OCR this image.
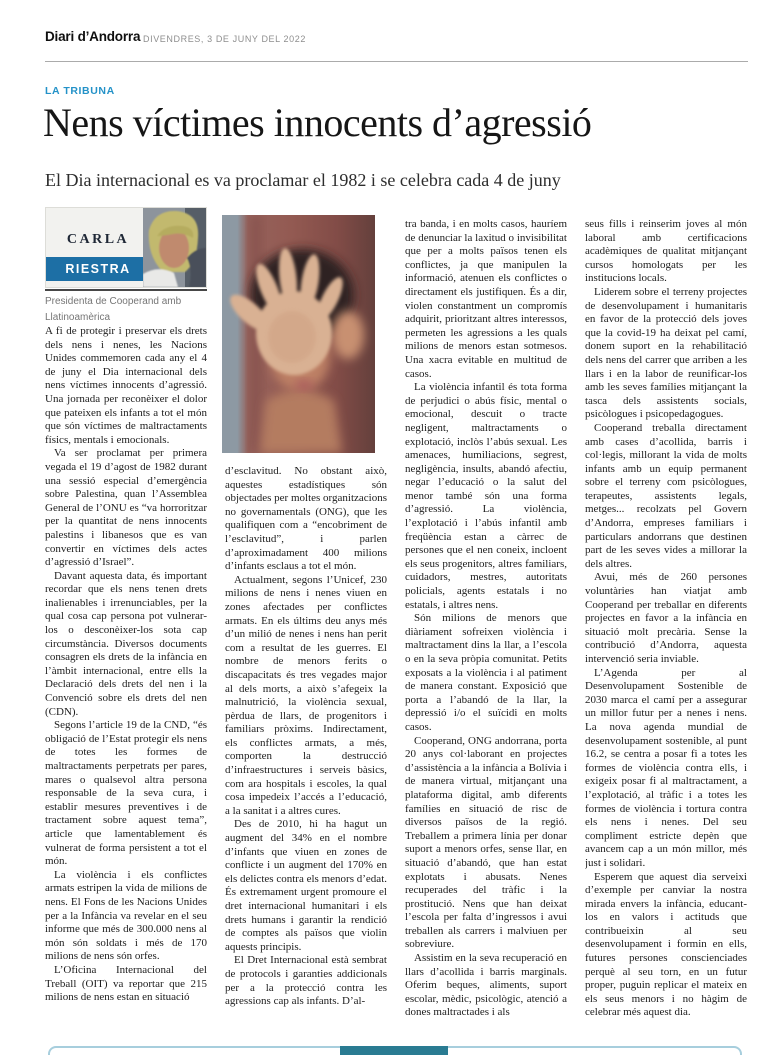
Diari d’Andorra DIVENDRES, 3 DE JUNY DEL 2022
LA TRIBUNA
Nens víctimes innocents d’agressió
El Dia internacional es va proclamar el 1982 i se celebra cada 4 de juny
CARLA
RIESTRA
Presidenta de Cooperand amb Llatinoamèrica

A fi de protegir i preservar els drets dels nens i nenes, les Nacions Unides commemoren cada any el 4 de juny el Dia internacional dels nens víctimes innocents d’agressió. Una jornada per reconèixer el dolor que pateixen els infants a tot el món que són víctimes de maltractaments físics, mentals i emocionals.

Va ser proclamat per primera vegada el 19 d’agost de 1982 durant una sessió especial d’emergència sobre Palestina, quan l’Assemblea General de l’ONU es “va horroritzar per la quantitat de nens innocents palestins i libanesos que es van convertir en víctimes dels actes d’agressió d’Israel”.

Davant aquesta data, és important recordar que els nens tenen drets inalienables i irrenunciables, per la qual cosa cap persona pot vulnerar-los o desconèixer-los sota cap circumstància. Diversos documents consagren els drets de la infància en l’àmbit internacional, entre ells la Declaració dels drets del nen i la Convenció sobre els drets del nen (CDN).

Segons l’article 19 de la CND, “és obligació de l’Estat protegir els nens de totes les formes de maltractaments perpetrats per pares, mares o qualsevol altra persona responsable de la seva cura, i establir mesures preventives i de tractament sobre aquest tema”, article que lamentablement és vulnerat de forma persistent a tot el món.

La violència i els conflictes armats estripen la vida de milions de nens. El Fons de les Nacions Unides per a la Infància va revelar en el seu informe que més de 300.000 nens al món són soldats i més de 170 milions de nens són orfes.

L’Oficina Internacional del Treball (OIT) va reportar que 215 milions de nens estan en situació

d’esclavitud. No obstant això, aquestes estadístiques són objectades per moltes organitzacions no governamentals (ONG), que les qualifiquen com a “encobriment de l’esclavitud”, i parlen d’aproximadament 400 milions d’infants esclaus a tot el món.

Actualment, segons l’Unicef, 230 milions de nens i nenes viuen en zones afectades per conflictes armats. En els últims deu anys més d’un milió de nenes i nens han perit com a resultat de les guerres. El nombre de menors ferits o discapacitats és tres vegades major al dels morts, a això s’afegeix la malnutrició, la violència sexual, pèrdua de llars, de progenitors i familiars pròxims. Indirectament, els conflictes armats, a més, comporten la destrucció d’infraestructures i serveis bàsics, com ara hospitals i escoles, la qual cosa impedeix l’accés a l’educació, a la sanitat i a altres cures.

Des de 2010, hi ha hagut un augment del 34% en el nombre d’infants que viuen en zones de conflicte i un augment del 170% en els delictes contra els menors d’edat. És extremament urgent promoure el dret internacional humanitari i els drets humans i garantir la rendició de comptes als països que violin aquests principis.

El Dret Internacional està sembrat de protocols i garanties addicionals per a la protecció contra les agressions cap als infants. D’al-

tra banda, i en molts casos, hauríem de denunciar la laxitud o invisibilitat que per a molts països tenen els conflictes, ja que manipulen la informació, atenuen els conflictes o directament els justifiquen. És a dir, violen constantment un compromís adquirit, prioritzant altres interessos, permeten les agressions a les quals milions de menors estan sotmesos. Una xacra evitable en multitud de casos.

La violència infantil és tota forma de perjudici o abús físic, mental o emocional, descuit o tracte negligent, maltractaments o explotació, inclòs l’abús sexual. Les amenaces, humiliacions, segrest, negligència, insults, abandó afectiu, negar l’educació o la salut del menor també són una forma d’agressió. La violència, l’explotació i l’abús infantil amb freqüència estan a càrrec de persones que el nen coneix, incloent els seus progenitors, altres familiars, cuidadors, mestres, autoritats policials, agents estatals i no estatals, i altres nens.

Són milions de menors que diàriament sofreixen violència i maltractament dins la llar, a l’escola o en la seva pròpia comunitat. Petits exposats a la violència i al patiment de manera constant. Exposició que porta a l’abandó de la llar, la depressió i/o el suïcidi en molts casos.

Cooperand, ONG andorrana, porta 20 anys col·laborant en projectes d’assistència a la infància a Bolívia i de manera virtual, mitjançant una plataforma digital, amb diferents famílies en situació de risc de diversos països de la regió. Treballem a primera línia per donar suport a menors orfes, sense llar, en situació d’abandó, que han estat explotats i abusats. Nenes recuperades del tràfic i la prostitució. Nens que han deixat l’escola per falta d’ingressos i avui treballen als carrers i malviuen per sobreviure.

Assistim en la seva recuperació en llars d’acollida i barris marginals. Oferim beques, aliments, suport escolar, mèdic, psicològic, atenció a dones maltractades i als

seus fills i reinserim joves al món laboral amb certificacions acadèmiques de qualitat mitjançant cursos homologats per les institucions locals.

Liderem sobre el terreny projectes de desenvolupament i humanitaris en favor de la protecció dels joves que la covid-19 ha deixat pel camí, donem suport en la rehabilitació dels nens del carrer que arriben a les llars i en la labor de reunificar-los amb les seves famílies mitjançant la tasca dels assistents socials, psicòlogues i psicopedagogues.

Cooperand treballa directament amb cases d’acollida, barris i col·legis, millorant la vida de molts infants amb un equip permanent sobre el terreny com psicòlogues, terapeutes, assistents legals, metges... recolzats pel Govern d’Andorra, empreses familiars i particulars andorrans que destinen part de les seves vides a millorar la dels altres.

Avui, més de 260 persones voluntàries han viatjat amb Cooperand per treballar en diferents projectes en favor a la infància en situació molt precària. Sense la contribució d’Andorra, aquesta intervenció seria inviable.

L’Agenda per al Desenvolupament Sostenible de 2030 marca el camí per a assegurar un millor futur per a nenes i nens. La nova agenda mundial de desenvolupament sostenible, al punt 16.2, se centra a posar fi a totes les formes de violència contra ells, i exigeix posar fi al maltractament, a l’explotació, al tràfic i a totes les formes de violència i tortura contra els nens i nenes. Del seu compliment estricte depèn que avancem cap a un món millor, més just i solidari.

Esperem que aquest dia serveixi d’exemple per canviar la nostra mirada envers la infància, educant-los en valors i actituds que contribueixin al seu desenvolupament i formin en ells, futures persones conscienciades perquè al seu torn, en un futur proper, puguin replicar el mateix en els seus menors i no hàgim de celebrar més aquest dia.
